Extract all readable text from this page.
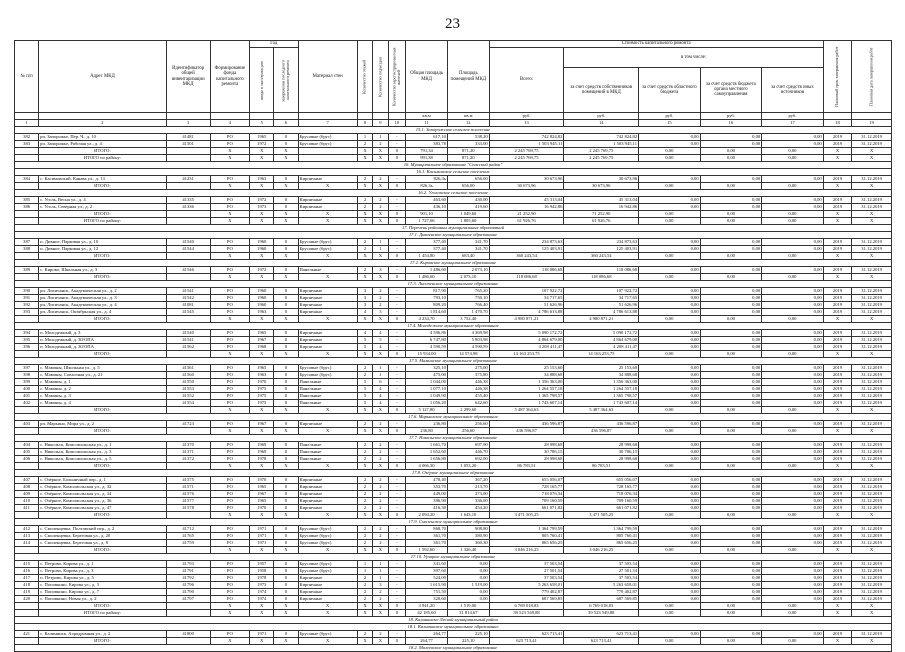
23
№ п/п	Адрес МКД	Идентификатор общей инвентаризации МКД	Формирование фонда капитального ремонта	Год		Материал стен	Количество этажей	Количество подъездов	Количество зарегистрированных жителей	Общая площадь МКД	Площадь помещений МКД	Стоимость капитального ремонта					Плановый срок завершения работ	Плановая дата завершения работ
				ввода в эксплуатацию	завершения последнего капитального ремонта							Всего:	в том числе:					
													за счет средств собственников помещений в МКД	за счет средств областного бюджета	за счет средств бюджета органа местного самоуправления	за счет средств иных источников		
										кв.м	кв.м	руб.	руб.	руб.	руб.	руб.		
1	2	3	4	5	6	7	8	9	10	11	12	13	14	15	16	17	18	19
15.1. Запорожское сельское поселение																		
382	рп. Запорожье, Пер. Ч., д. 10	41481	РО	1965	0	Брусовые (брус)	1	1	-	617,10	538,20	742 824,82	742 824,82	0,00	0,00	0,00	2019	31.12.2019
383	рп. Запорожье, Рабочая ул., д. 4	41501	РО	1972	0	Брусовые (брус)	2	2	-	383,78	333,00	1 503 945,11	1 503 945,11	0,00	0,00	0,00	2019	31.12.2019
	ИТОГО:		X	X	X		X	X	0	791,34	871,20	2 245 769,75	2 245 769,75	0,00	0,00	0,00	X	X
	ИТОГО по району:		X	X	X		X	X	0	991,38	871,20	2 245 769,75	2 245 769,75	0,00	0,00	0,00	X	X
16. Муниципальное образование "Спасский район"																		
16.1. Касимовское сельское поселение																		
384	с. Касимовский, Канава ул., д. 13	41231	РО	1963	0	Кирпичные	2	2	-	826,3ь	656,00	30 673,96	30 673,96	0,00	0,00	0,00	2019	31.12.2019
	ИТОГО:		X	X	X	X	X	X	0	826,3ь	656,00	30 673,96	30 673,96	0,00	0,00	0,00	X	X
16.2. Уголовское сельское поселение																		
385	с. Уголь, Весна ул., д. 4	41335	РО	1972	0	Кирпичные	2	2	-	463,60	430,00	45 313,04	45 313,04	0,00	0,00	0,00	2019	31.12.2019
386	с. Уголь, Северная ул., д. 2	41336	РО	1973	0	Кирпичные	2	2	-	436,10	419,60	16 942,86	16 942,86	0,00	0,00	0,00	2019	31.12.2019
	ИТОГО:		X	X	X	X	X	X	0	901,10	1 049,60	21 252,90	71 252,90	0,00	0,00	0,00	X	X
	ИТОГО по району:		X	X	X	X	X	X	0	1 727,66	1 805,60	61 926,76	61 926,76	0,00	0,00	0,00	X	X
17. Перечень районных муниципальных образований																		
17.1. Дивненское муниципальное образование																		
387	п. Дивное, Парковая ул., д. 10	41540	РО	1960	0	Брусовые (брус)	2	1	-	377,40	341,70	234 873,63	234 873,63	0,00	0,00	0,00	2019	31.12.2019
388	п. Дивное, Парковая ул., д. 12	41544	РО	1960	0	Брусовые (брус)	2	1	-	377,40	341,70	125 403,91	125 403,91	0,00	0,00	0,00	2019	31.12.2019
	ИТОГО:		X	X	X	X	X	X	0	1 454,80	683,40	360 243,54	360 243,54	0,00	0,00	0,00	X	X
17.2. Кировское муниципальное образование																		
389	с. Кирово, Школьная ул., д. 3	41546	РО	1972	0	Панельные	2	3	-	1 486,60	2 073,10	118 086,68	118 086,68	0,00	0,00	0,00	2019	31.12.2019
	ИТОГО:		X	X	X	X	X	X	0	1 486,60	2 073,10	118 086,68	118 086,68	0,00	0,00	0,00	X	X
17.3. Лисиченское муниципальное образование																		
390	рп. Лисичанск, Академическая ул., д. 2	41541	РО	1960	0	Кирпичные	3	2	-	817,90	765,20	107 922,72	107 922,72	0,00	0,00	0,00	2019	31.12.2019
391	рп. Лисичанск, Академическая ул., д. 3	41542	РО	1960	0	Кирпичные	3	2	-	793,10	750,10	34 717,65	34 717,65	0,00	0,00	0,00	2019	31.12.2019
392	рп. Лисичанск, Академическая ул., д. 4	41081	РО	1960	0	Кирпичные	3	2	-	809,20	766,40	51 626,96	51 626,96	0,00	0,00	0,00	2019	31.12.2019
393	рп. Лисичанск, Октябрьская ул., д. 4	41545	РО	1963	0	Кирпичные	4	3	-	1 814,60	1 470,70	4 786 613,88	4 786 613,88	0,00	0,00	0,00	2019	31.12.2019
	ИТОГО:		X	X	X	X	X	X	0	4 234,70	3 752,40	4 980 871,21	4 980 871,21	0,00	0,00	0,00	X	X
17.4. Молодежное муниципальное образование																		
394	п. Молодежный, д. 3	41540	РО	1965	0	Кирпичные	4	4	-	4 596,86	4 369,98	5 090 172,72	5 090 172,72	0,00	0,00	0,00	2019	31.12.2019
395	п. Молодежный, д. 30/ОПА	41541	РО	1967	0	Кирпичные	5	5	-	6 747,80	5 803,98	4 864 679,00	4 864 679,00	0,00	0,00	0,00	2019	31.12.2019
396	п. Молодежный, д. 30/ОПА	41562	РО	1968	0	Кирпичные	5	4	-	4 590,59	4 590,59	4 208 411,47	4 208 411,47	0,00	0,00	0,00	2019	31.12.2019
	ИТОГО:		X	X	X	X	X	X	0	15 934,00	14 574,98	14 163 253,75	14 163 253,75	0,00	0,00	0,00	X	X
17.5. Маминское муниципальное образование																		
397	с. Мамины, Школьная ул., д. 5	41561	РО	1965	0	Брусовые (брус)	2	1	-	325,10	275,00	25 153,60	25 153,60	0,00	0,00	0,00	2019	31.12.2019
398	с. Мамины, Совхозная ул., д. 21	41560	РО	1963	0	Брусовые (брус)	2	1	-	475,00	375,80	34 888,68	34 888,68	0,00	0,00	0,00	2019	31.12.2019
399	с. Мамины, д. 1	41550	РО	1970	0	Панельные	5	6	-	1 044,00	446,38	1 356 363,00	1 356 363,00	0,00	0,00	0,00	2019	31.12.2019
400	с. Мамины, д. 2	41553	РО	1975	0	Панельные	5	4	-	1 077,10	446,38	1 264 557,18	1 264 557,18	0,00	0,00	0,00	2019	31.12.2019
401	с. Мамины, д. 3	41552	РО	1975	0	Панельные	5	4	-	1 049,90	455,40	1 365 798,57	1 365 798,57	0,00	0,00	0,00	2019	31.12.2019
402	с. Мамины, д. 4	41554	РО	1975	0	Панельные	5	4	-	1 056,20	642,60	1 743 607,14	1 743 607,14	0,00	0,00	0,00	2019	31.12.2019
	ИТОГО:		X	X	X	X	X	X	0	5 127,80	2 299,60	5 487 364,63	5 487 364,63	0,00	0,00	0,00	X	X
17.6. Марьинское муниципальное образование																		
403	рп. Марьино, Мира ул., д. 2	41723	РО	1967	0	Кирпичные	2	2	-	236,80	256,60	436 596,87	436 596,87	0,00	0,00	0,00	2019	31.12.2019
	ИТОГО:		X	X	X	X	X	X	0	236,80	256,60	436 596,87	436 596,87	0,00	0,00	0,00	X	X
17.7. Никольское муниципальное образование																		
404	с. Никольск, Комсомольская ул., д. 1	41370	РО	1969	0	Панельные	2	2	-	1 661,70	697,90	28 998,68	28 998,68	0,00	0,00	0,00	2019	31.12.2019
405	с. Никольск, Комсомольская ул., д. 3	41371	РО	1969	0	Панельные	2	2	-	1 652,60	446,70	30 786,15	30 786,15	0,00	0,00	0,00	2019	31.12.2019
406	с. Никольск, Комсомольская ул., д. 5	41372	РО	1978	0	Панельные	2	2	-	1 656,80	692,00	28 998,68	28 998,68	0,00	0,00	0,00	2019	31.12.2019
	ИТОГО:		X	X	X	X	X	X	0	4 066,30	1 053,20	86 783,51	86 783,51	0,00	0,00	0,00	X	X
17.8. Озёрное муниципальное образование																		
407	с. Озёрное, Больничный пер., д. 1	41575	РО	1970	0	Кирпичные	2	2	-	478,40	367,20	655 056,07	655 056,07	0,00	0,00	0,00	2019	31.12.2019
408	с. Озёрное, Комсомольская ул., д. 32	41571	РО	1965	0	Кирпичные	2	2	-	353,70	213,70	728 165,77	728 165,77	0,00	0,00	0,00	2019	31.12.2019
409	с. Озёрное, Комсомольская ул., д. 34	41576	РО	1967	0	Кирпичные	2	2	-	449,00	273,00	718 076,34	718 076,34	0,00	0,00	0,00	2019	31.12.2019
410	с. Озёрное, Комсомольская ул., д. 36	41577	РО	1965	0	Кирпичные	2	2	-	396,90	336,00	709 160,59	709 160,59	0,00	0,00	0,00	2019	31.12.2019
411	с. Озёрное, Комсомольская ул., д. 47	41578	РО	1970	0	Кирпичные	2	2	-	416,30	454,20	661 071,82	661 071,82	0,00	0,00	0,00	2019	31.12.2019
	ИТОГО:		X	X	X	X	X	X	0	2 094,20	1 643,10	3 471 505,25	3 471 505,25	0,00	0,00	0,00	X	X
17.9. Смоленское муниципальное образование																		
412	с. Смоленцевка, Полтавский пер., д. 2	41712	РО	1971	0	Брусовые (брус)	2	2	-	868,70	908,80	1 364 799,59	1 364 799,59	0,00	0,00	0,00	2019	31.12.2019
413	с. Смоленцевка, Береговая ул., д. 20	41765	РО	1971	0	Брусовые (брус)	2	2	-	361,70	380,90	805 760,41	805 760,41	0,00	0,00	0,00	2019	31.12.2019
414	с. Смоленцевка, Береговая ул., д. 8	41759	РО	1971	0	Брусовые (брус)	2	2	-	361,70	360,30	865 656,25	865 656,25	0,00	0,00	0,00	2019	31.12.2019
	ИТОГО:		X	X	X	X	X	X	0	1 592,60	1 326,40	3 046 216,25	3 046 216,25	0,00	0,00	0,00	X	X
17.10. Урицкое муниципальное образование																		
415	с. Петрово, Кирова ул., д. 1	41793	РО	1957	0	Брусовые (брус)	1	1	-	341,60	0,00	37 503,54	37 503,54	0,00	0,00	0,00	2019	31.12.2019
416	с. Петрово, Кирова ул., д. 3	41791	РО	1958	0	Брусовые (брус)	1	1	-	397,60	0,00	27 501,54	27 501,54	0,00	0,00	0,00	2019	31.12.2019
417	п. Петрово, Кирова ул., д. 5	41792	РО	1978	0	Кирпичные	2	1	-	524,00	0,00	37 503,54	37 503,54	0,00	0,00	0,00	2019	31.12.2019
418	с. Поповкино, Кирова ул., д. 3	41796	РО	1973	0	Кирпичные	2	3	-	1 615,90	1 519,00	5 263 658,01	5 263 658,01	0,00	0,00	0,00	2019	31.12.2019
419	с. Поповкино, Кирова ул., д. 7	41790	РО	1974	0	Кирпичные	2	2	-	751,50	0,00	779 402,87	779 402,87	0,00	0,00	0,00	2019	31.12.2019
420	с. Поповкино, Новая ул., д. 2	41797	РО	1974	0	Кирпичные	2	2	-	320,60	0,00	687 569,85	687 569,85	0,00	0,00	0,00	2019	31.12.2019
	ИТОГО:		X	X	X	X	X	X	0	3 941,20	1 519,00	6 769 018,83	6 769 018,83	0,00	0,00	0,00	X	X
	ИТОГО по району:		X	X	X	X	X	X	0	42 185,60	31 814,67	39 523 549,88	39 523 549,88	0,00	0,00	0,00	X	X
18. Калининско-Лесной муниципальный район																		
18.1. Калининское муниципальное образование																		
421	с. Калининск, Аэродромная ул., д. 2	41800	РО	1971	0	Брусовые (брус)	2	2	-	264,77	225,10	623 713,41	623 713,41	0,00	0,00	0,00	2019	31.12.2019
	ИТОГО:		X	X	X	X	X	X	0	264,77	225,10	623 713,41	623 713,41	0,00	0,00	0,00	X	X
18.2. Малеевское муниципальное образование																		
